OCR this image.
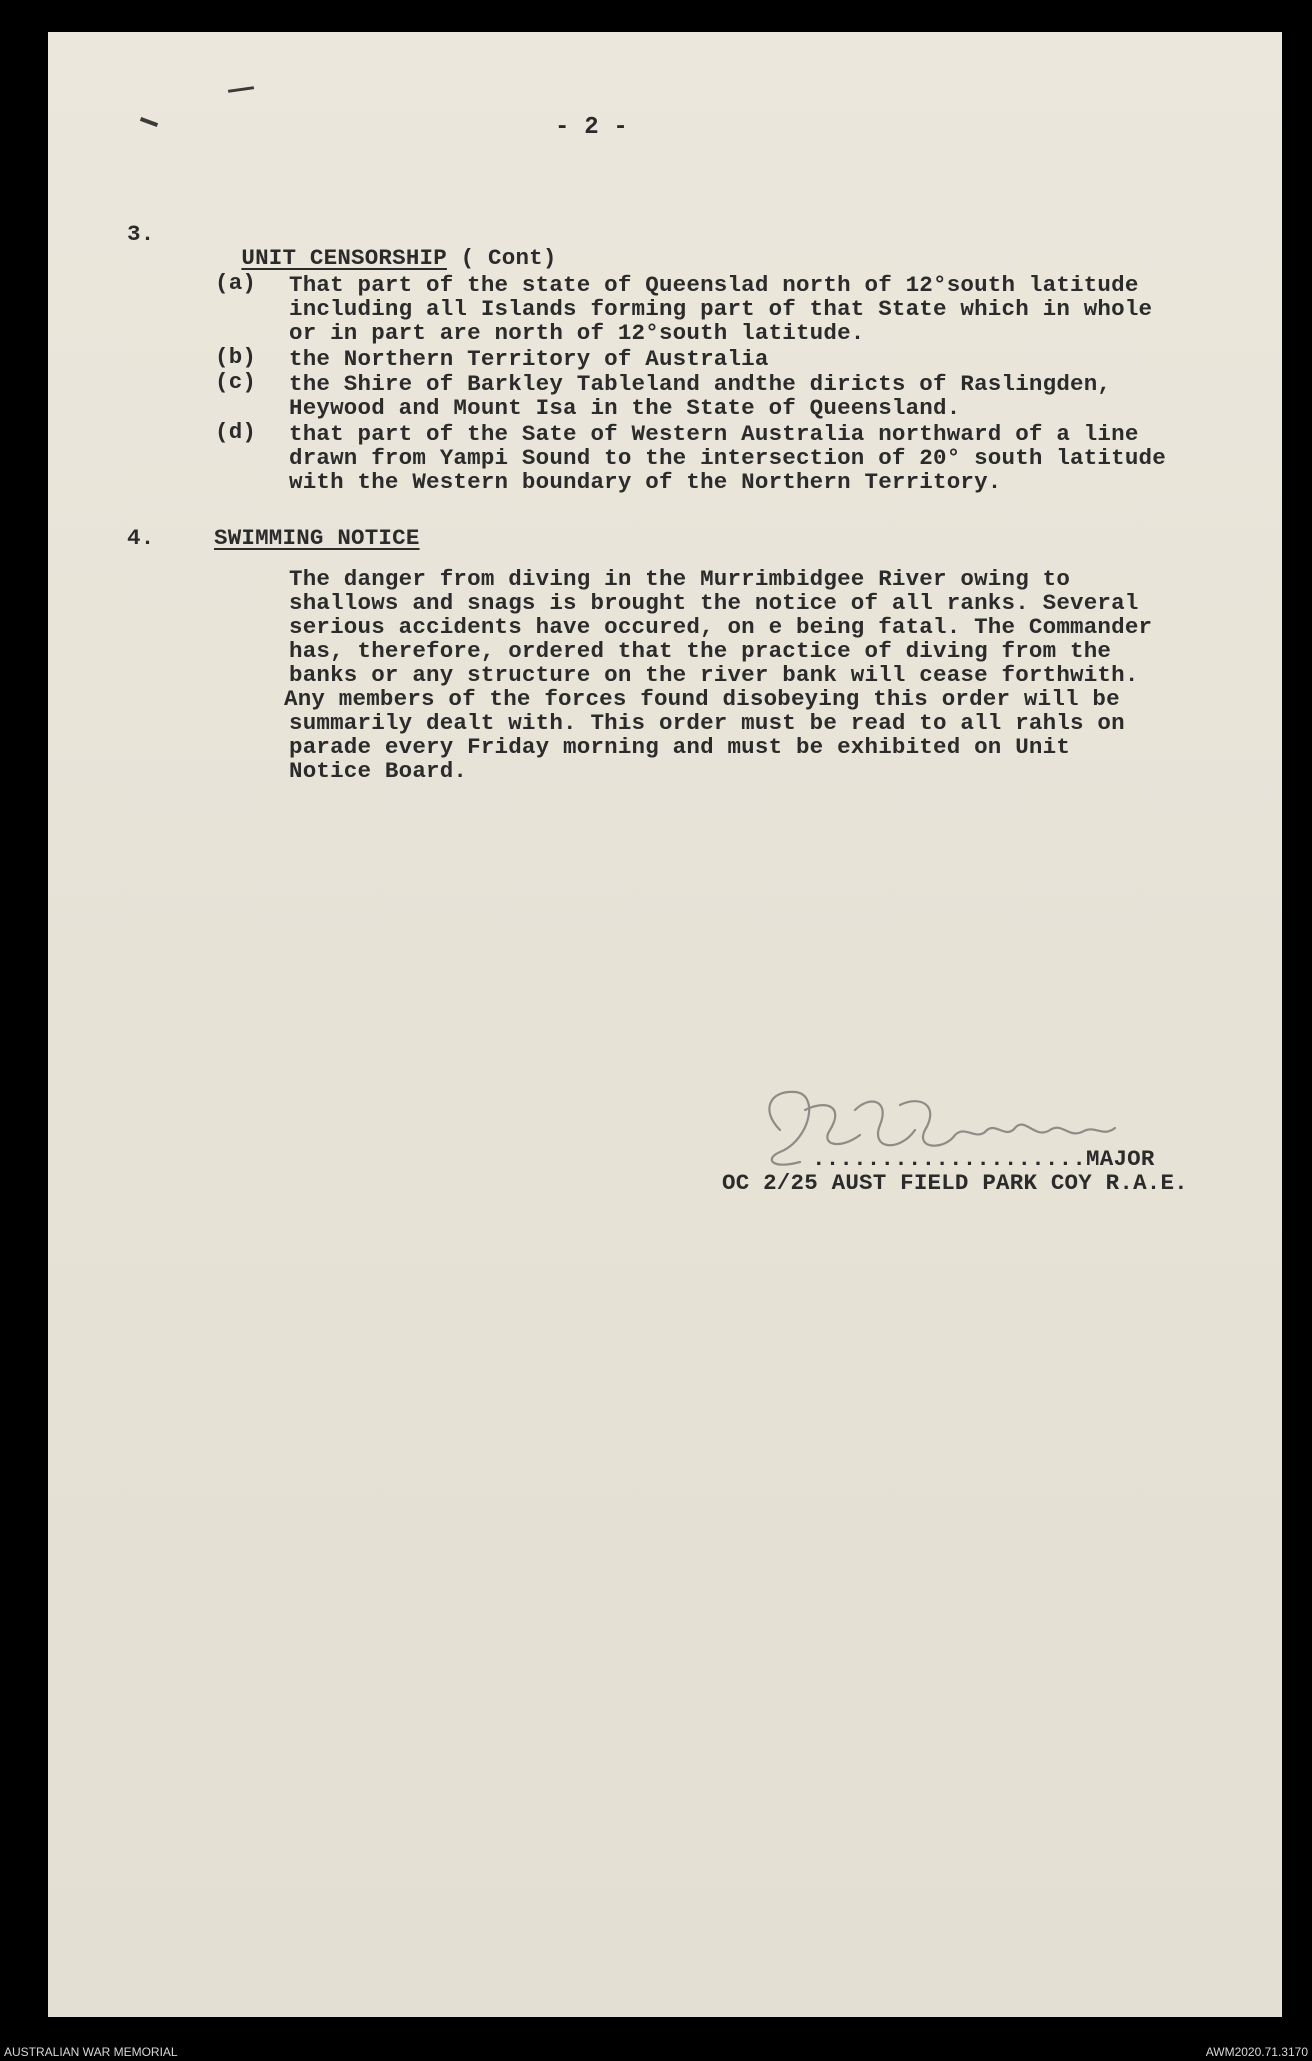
- 2 -
3.

UNIT CENSORSHIP ( Cont)

(a) That part of the state of Queenslad north of 12°south latitude
including all Islands forming part of that State which in whole
or in part are north of 12°south latitude.
(b) the Northern Territory of Australia
(c) the Shire of Barkley Tableland andthe diricts of Raslingden,
Heywood and Mount Isa in the State of Queensland.
(d) that part of the Sate of Western Australia northward of a line
drawn from Yampi Sound to the intersection of 20° south latitude
with the Western boundary of the Northern Territory.
4.	SWIMMING NOTICE
The danger from diving in the Murrimbidgee River owing to
shallows and snags is brought the notice of all ranks. Several
serious accidents have occured, on e being fatal. The Commander
has, therefore, ordered that the practice of diving from the
banks or any structure on the river bank will cease forthwith.
Any members of the forces found disobeying this order will be
summarily dealt with. This order must be read to all rahls on
parade every Friday morning and must be exhibited on Unit
Notice Board.
....................MAJOR
OC 2/25 AUST FIELD PARK COY R.A.E.
AUSTRALIAN WAR MEMORIAL	AWM2020.71.3170
